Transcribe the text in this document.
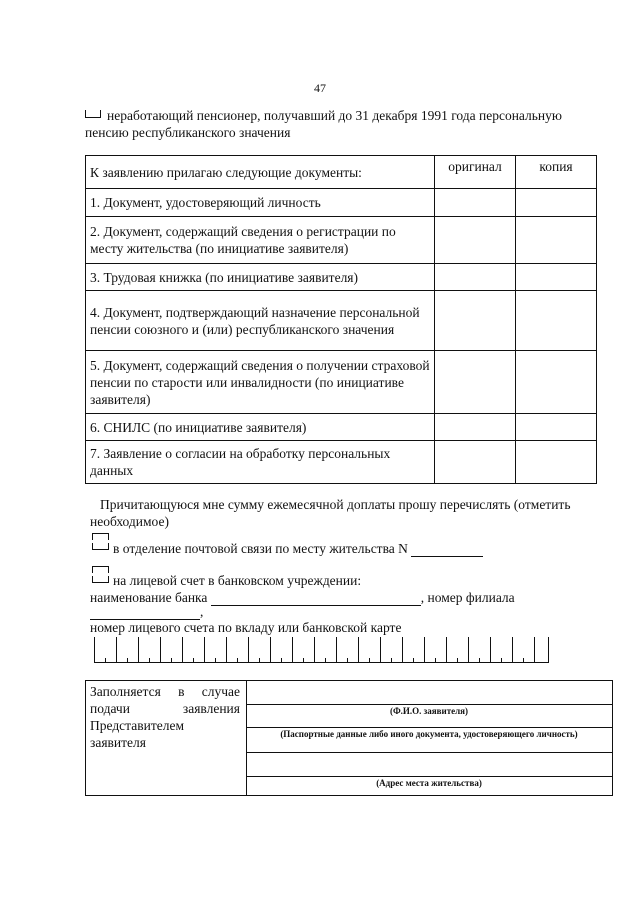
47
неработающий пенсионер, получавший до 31 декабря 1991 года персональную пенсию республиканского значения
К заявлению прилагаю следующие документы:	оригинал	копия
1. Документ, удостоверяющий личность		
2. Документ, содержащий сведения о регистрации по месту жительства (по инициативе заявителя)		
3. Трудовая книжка (по инициативе заявителя)		
4. Документ, подтверждающий назначение персональной пенсии союзного и (или) республиканского значения		
5. Документ, содержащий сведения о получении страховой пенсии по старости или инвалидности (по инициативе заявителя)		
6. СНИЛС (по инициативе заявителя)		
7. Заявление о согласии на обработку персональных данных		
Причитающуюся мне сумму ежемесячной доплаты прошу перечислять (отметить необходимое)
в отделение почтовой связи по месту жительства N
на лицевой счет в банковском учреждении:
наименование банка	, номер филиала
,
номер лицевого счета по вкладу или банковской карте
Заполняется в случае подачи заявления Представителем заявителя

(Ф.И.О. заявителя)
(Паспортные данные либо иного документа, удостоверяющего личность)
(Адрес места жительства)
